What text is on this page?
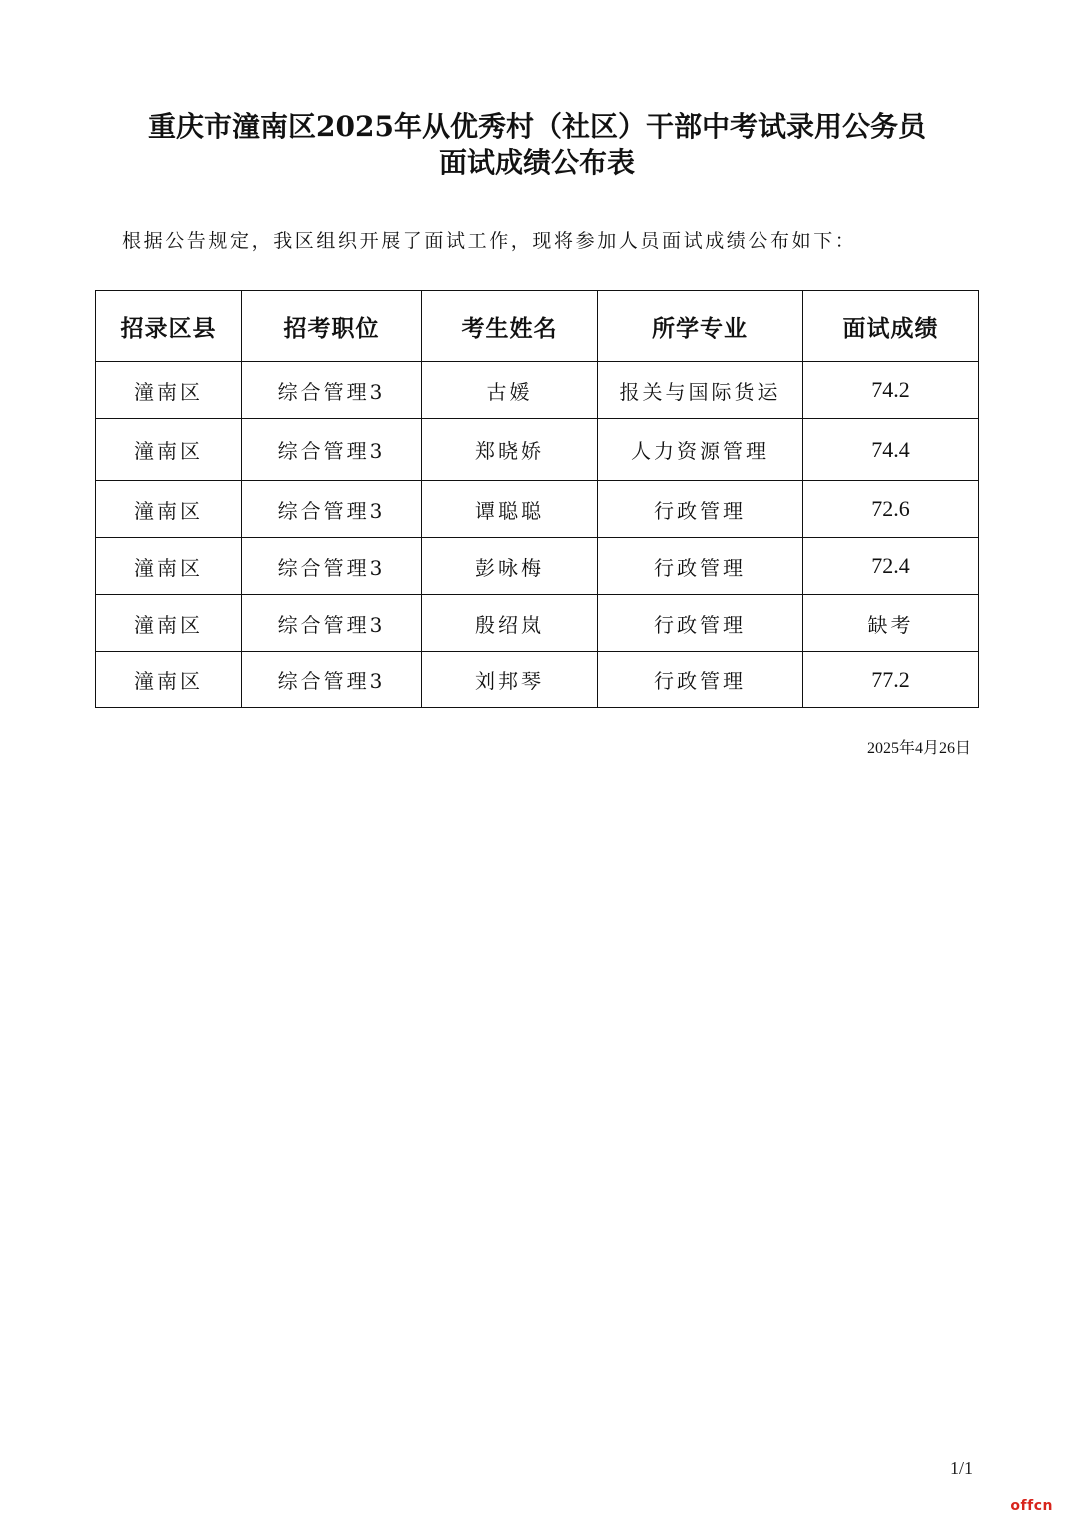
重庆市潼南区2025年从优秀村（社区）干部中考试录用公务员
面试成绩公布表
根据公告规定，我区组织开展了面试工作，现将参加人员面试成绩公布如下：
招录区县	招考职位	考生姓名	所学专业	面试成绩
潼南区	综合管理3	古媛	报关与国际货运	74.2
潼南区	综合管理3	郑晓娇	人力资源管理	74.4
潼南区	综合管理3	谭聪聪	行政管理	72.6
潼南区	综合管理3	彭咏梅	行政管理	72.4
潼南区	综合管理3	殷绍岚	行政管理	缺考
潼南区	综合管理3	刘邦琴	行政管理	77.2
2025年4月26日
1/1
offcn
